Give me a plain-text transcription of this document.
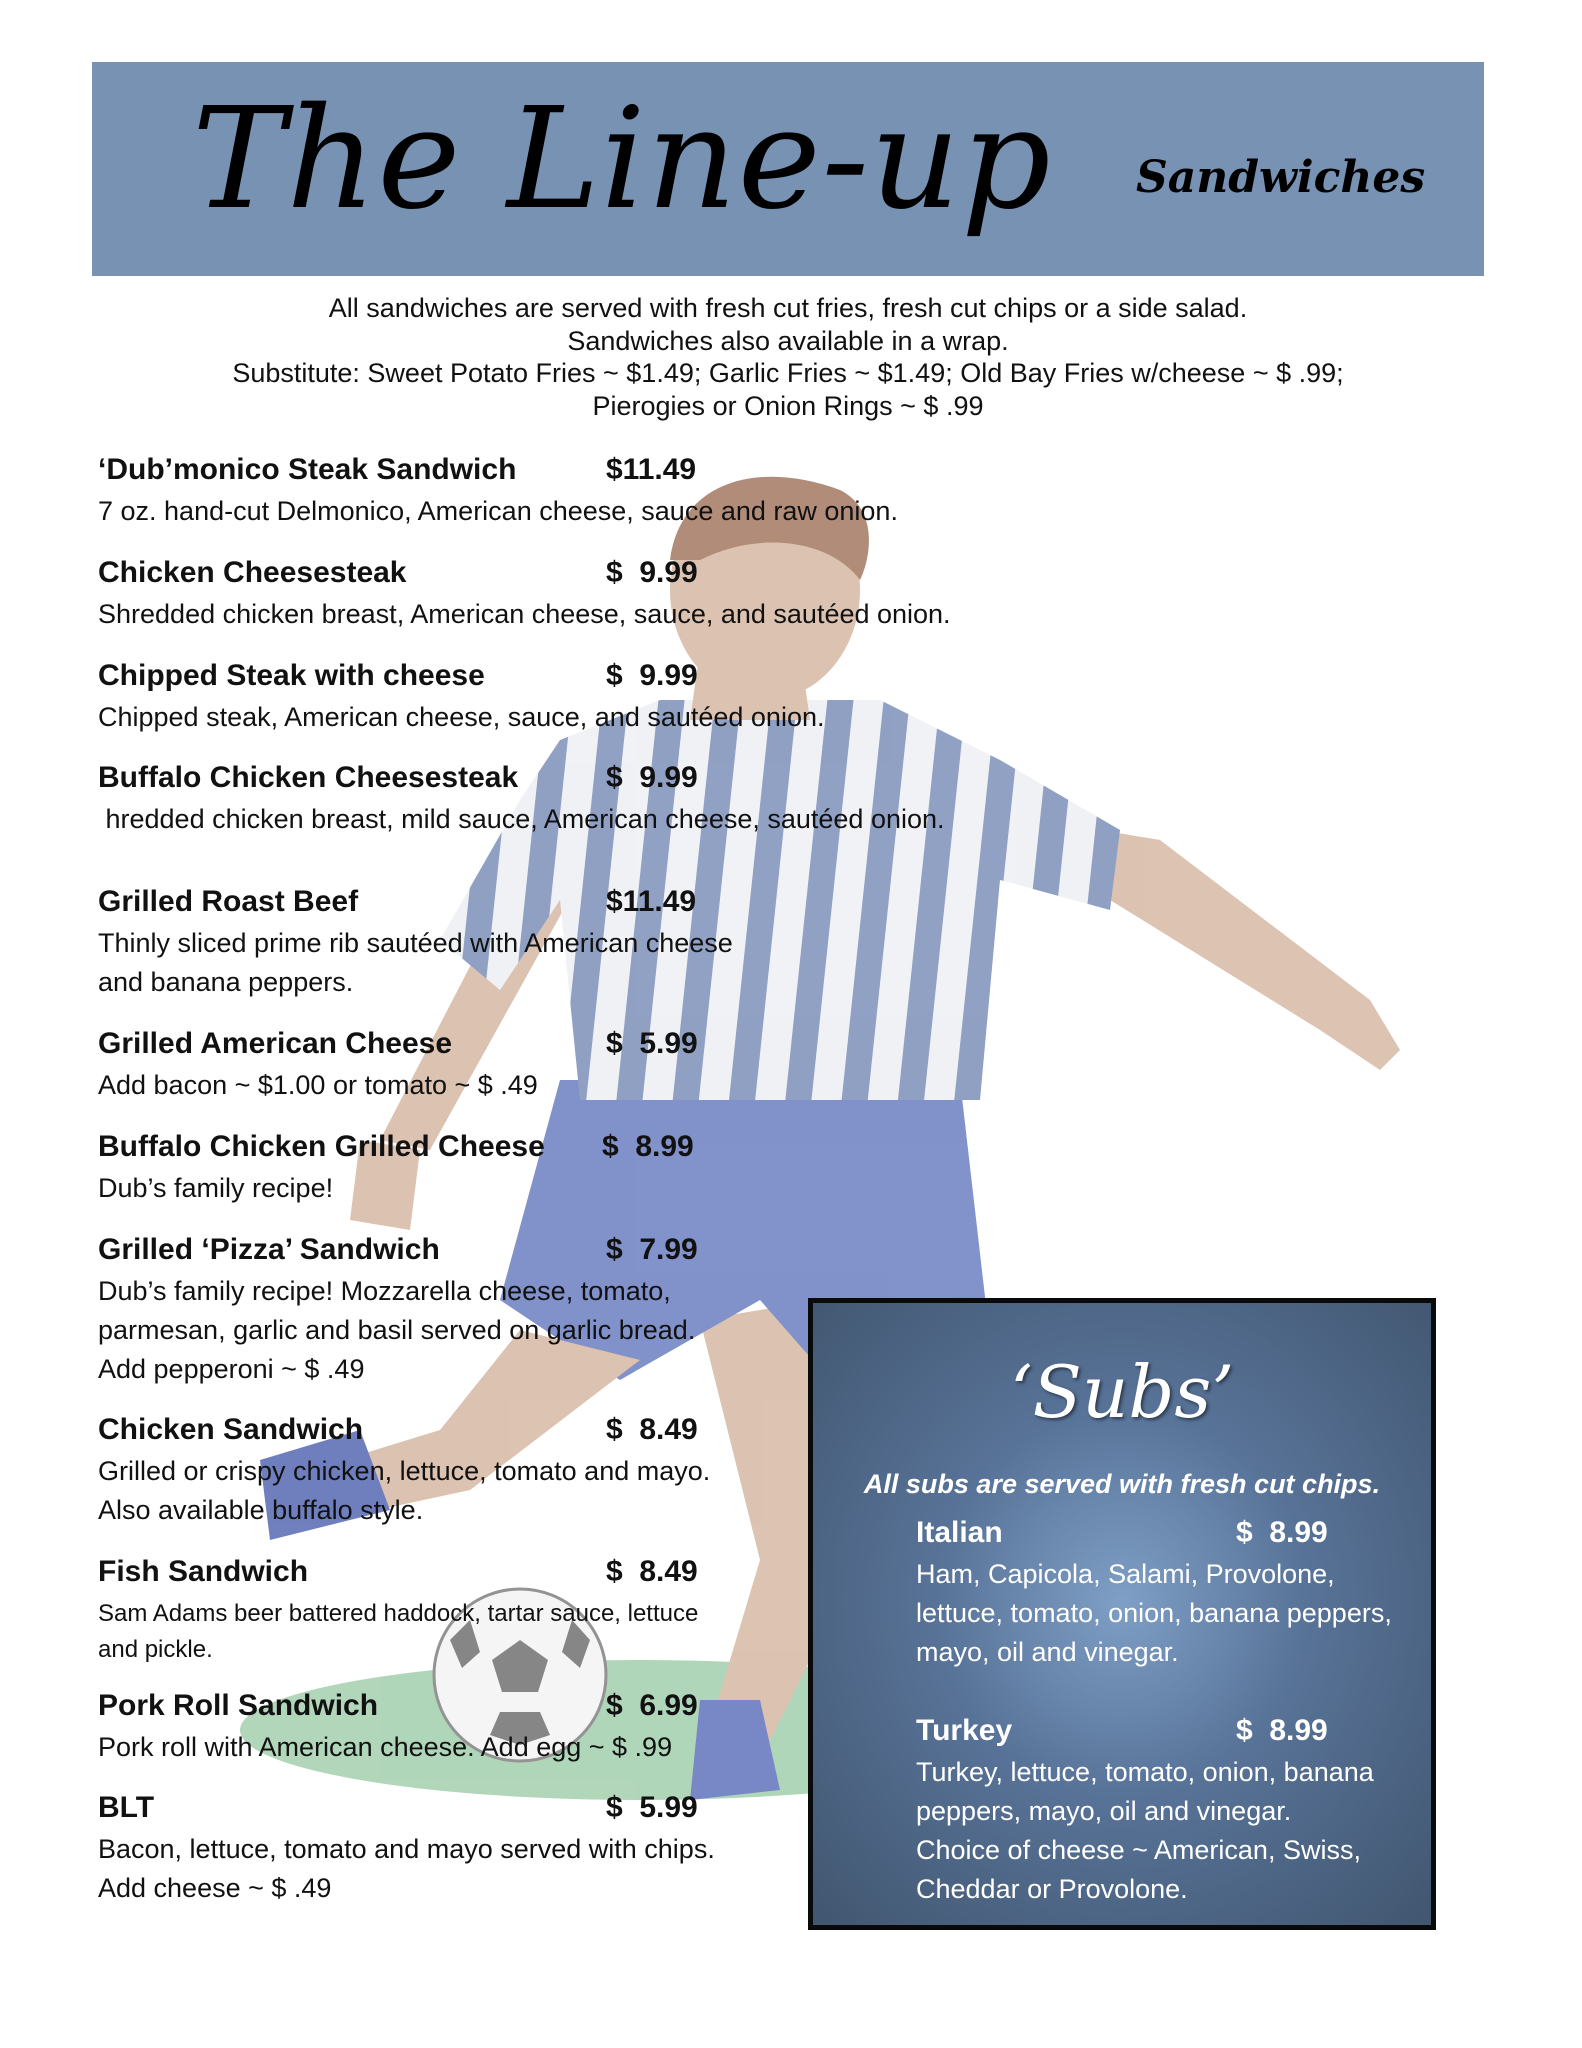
The Line-up Sandwiches
All sandwiches are served with fresh cut fries, fresh cut chips or a side salad.
Sandwiches also available in a wrap.
Substitute: Sweet Potato Fries ~ $1.49; Garlic Fries ~ $1.49; Old Bay Fries w/cheese ~ $ .99;
Pierogies or Onion Rings ~ $ .99
‘Dub’monico Steak Sandwich	$11.49
7 oz. hand-cut Delmonico, American cheese, sauce and raw onion.
Chicken Cheesesteak	$  9.99
Shredded chicken breast, American cheese, sauce, and sautéed onion.
Chipped Steak with cheese	$  9.99
Chipped steak, American cheese, sauce, and sautéed onion.
Buffalo Chicken Cheesesteak	$  9.99
hredded chicken breast, mild sauce, American cheese, sautéed onion.
Grilled Roast Beef	$11.49
Thinly sliced prime rib sautéed with American cheese
and banana peppers.
Grilled American Cheese	$  5.99
Add bacon ~ $1.00 or tomato ~ $ .49
Buffalo Chicken Grilled Cheese $  8.99
Dub’s family recipe!
Grilled ‘Pizza’ Sandwich	$  7.99
Dub’s family recipe! Mozzarella cheese, tomato,
parmesan, garlic and basil served on garlic bread.
Add pepperoni ~ $ .49
Chicken Sandwich	$  8.49
Grilled or crispy chicken, lettuce, tomato and mayo.
Also available buffalo style.
Fish Sandwich	$  8.49
Sam Adams beer battered haddock, tartar sauce, lettuce
and pickle.
Pork Roll Sandwich	$  6.99
Pork roll with American cheese. Add egg ~ $ .99
BLT	$  5.99
Bacon, lettuce, tomato and mayo served with chips.
Add cheese ~ $ .49
‘Subs’
All subs are served with fresh cut chips.
Italian	$  8.99
Ham, Capicola, Salami, Provolone,
lettuce, tomato, onion, banana peppers,
mayo, oil and vinegar.
Turkey	$  8.99
Turkey, lettuce, tomato, onion, banana
peppers, mayo, oil and vinegar.
Choice of cheese ~ American, Swiss,
Cheddar or Provolone.
